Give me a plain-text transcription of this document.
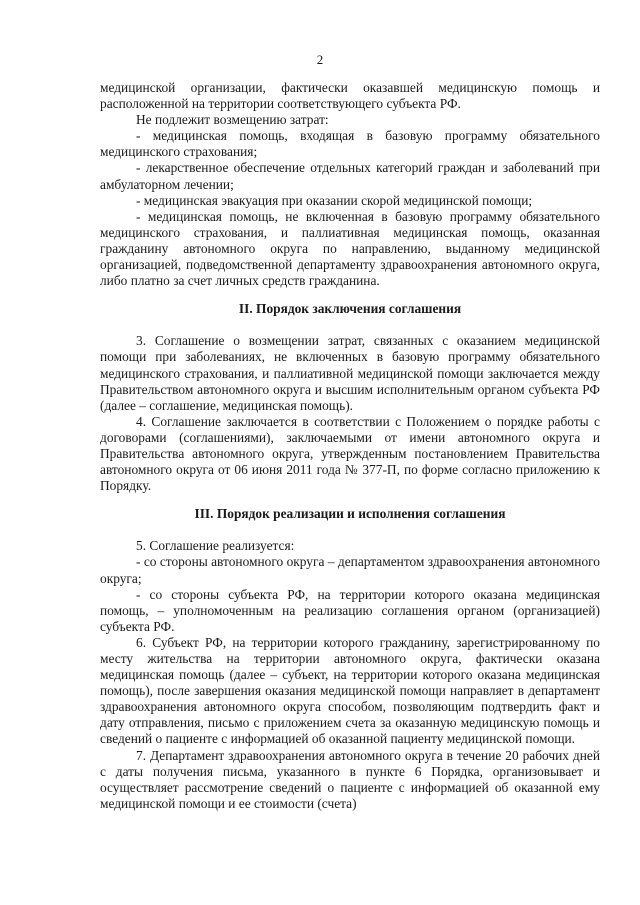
2

медицинской организации, фактически оказавшей медицинскую помощь и расположенной на территории соответствующего субъекта РФ.

Не подлежит возмещению затрат:

- медицинская помощь, входящая в базовую программу обязательного медицинского страхования;

- лекарственное обеспечение отдельных категорий граждан и заболеваний при амбулаторном лечении;

- медицинская эвакуация при оказании скорой медицинской помощи;

- медицинская помощь, не включенная в базовую программу обязательного медицинского страхования, и паллиативная медицинская помощь, оказанная гражданину автономного округа по направлению, выданному медицинской организацией, подведомственной департаменту здравоохранения автономного округа, либо платно за счет личных средств гражданина.

II. Порядок заключения соглашения

3. Соглашение о возмещении затрат, связанных с оказанием медицинской помощи при заболеваниях, не включенных в базовую программу обязательного медицинского страхования, и паллиативной медицинской помощи заключается между Правительством автономного округа и высшим исполнительным органом субъекта РФ (далее – соглашение, медицинская помощь).

4. Соглашение заключается в соответствии с Положением о порядке работы с договорами (соглашениями), заключаемыми от имени автономного округа и Правительства автономного округа, утвержденным постановлением Правительства автономного округа от 06 июня 2011 года № 377-П, по форме согласно приложению к Порядку.

III. Порядок реализации и исполнения соглашения

5. Соглашение реализуется:

- со стороны автономного округа – департаментом здравоохранения автономного округа;

- со стороны субъекта РФ, на территории которого оказана медицинская помощь, – уполномоченным на реализацию соглашения органом (организацией) субъекта РФ.

6. Субъект РФ, на территории которого гражданину, зарегистрированному по месту жительства на территории автономного округа, фактически оказана медицинская помощь (далее – субъект, на территории которого оказана медицинская помощь), после завершения оказания медицинской помощи направляет в департамент здравоохранения автономного округа способом, позволяющим подтвердить факт и дату отправления, письмо с приложением счета за оказанную медицинскую помощь и сведений о пациенте с информацией об оказанной пациенту медицинской помощи.

7. Департамент здравоохранения автономного округа в течение 20 рабочих дней с даты получения письма, указанного в пункте 6 Порядка, организовывает и осуществляет рассмотрение сведений о пациенте с информацией об оказанной ему медицинской помощи и ее стоимости (счета)
